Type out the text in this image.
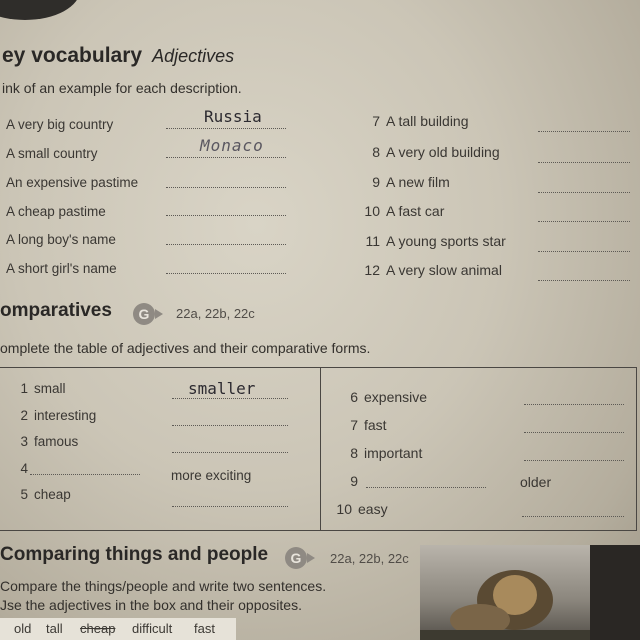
ey vocabulary Adjectives
ink of an example for each description.
A very big country	Russia
A small country	Monaco
An expensive pastime
A cheap pastime
A long boy's name
A short girl's name
7 A tall building
8 A very old building
9 A new film
10 A fast car
11 A young sports star
12 A very slow animal
omparatives	G	22a, 22b, 22c
omplete the table of adjectives and their comparative forms.
1 small	smaller
2 interesting
3 famous
4	more exciting
5 cheap
6 expensive
7 fast
8 important
9	older
10 easy
Comparing things and people	G	22a, 22b, 22c
Compare the things/people and write two sentences.
Jse the adjectives in the box and their opposites.
old tall cheap difficult fast
